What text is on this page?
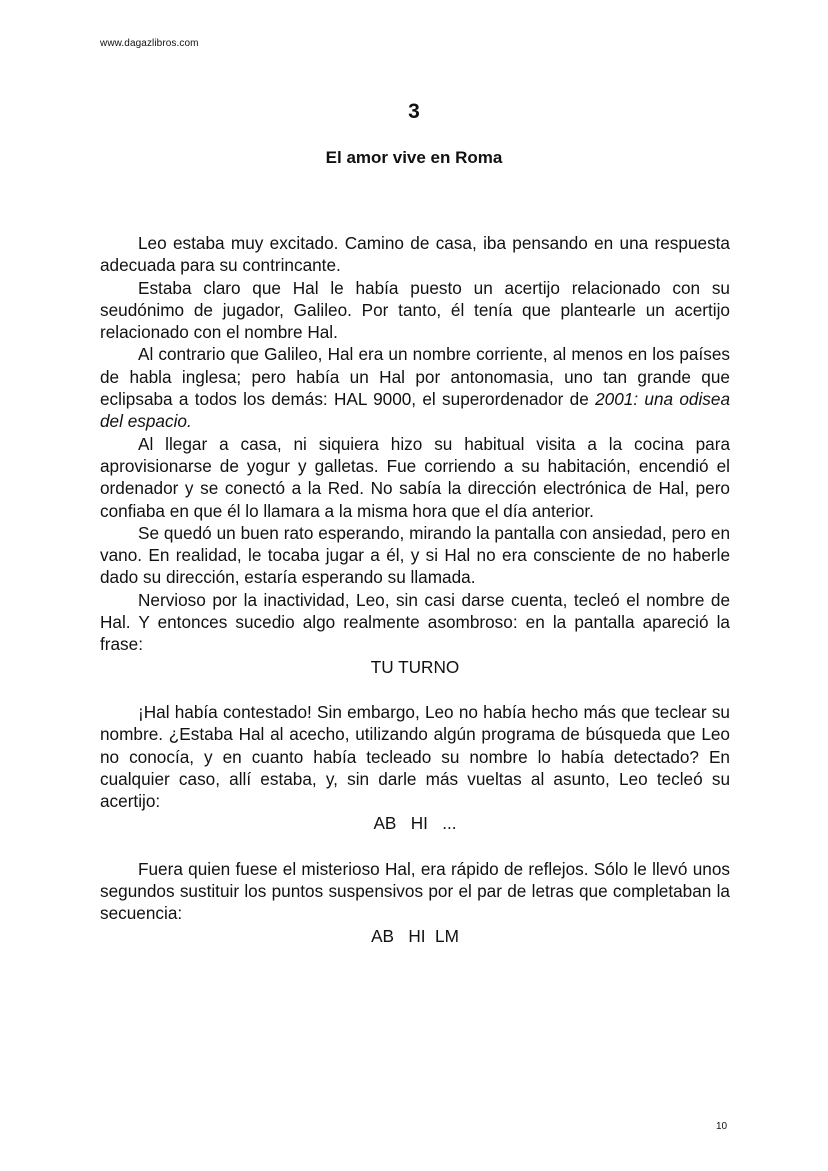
www.dagazlibros.com
3
El amor vive en Roma

Leo estaba muy excitado. Camino de casa, iba pensando en una respuesta adecuada para su contrincante.

Estaba claro que Hal le había puesto un acertijo relacionado con su seudónimo de jugador, Galileo. Por tanto, él tenía que plantearle un acertijo relacionado con el nombre Hal.

Al contrario que Galileo, Hal era un nombre corriente, al menos en los países de habla inglesa; pero había un Hal por antonomasia, uno tan grande que eclipsaba a todos los demás: HAL 9000, el superordenador de 2001: una odisea del espacio.

Al llegar a casa, ni siquiera hizo su habitual visita a la cocina para aprovisionarse de yogur y galletas. Fue corriendo a su habitación, encendió el ordenador y se conectó a la Red. No sabía la dirección electrónica de Hal, pero confiaba en que él lo llamara a la misma hora que el día anterior.

Se quedó un buen rato esperando, mirando la pantalla con ansiedad, pero en vano. En realidad, le tocaba jugar a él, y si Hal no era consciente de no haberle dado su dirección, estaría esperando su llamada.

Nervioso por la inactividad, Leo, sin casi darse cuenta, tecleó el nombre de Hal. Y entonces sucedio algo realmente asombroso: en la pantalla apareció la frase:

TU TURNO

¡Hal había contestado! Sin embargo, Leo no había hecho más que teclear su nombre. ¿Estaba Hal al acecho, utilizando algún programa de búsqueda que Leo no conocía, y en cuanto había tecleado su nombre lo había detectado? En cualquier caso, allí estaba, y, sin darle más vueltas al asunto, Leo tecleó su acertijo:

AB   HI   ...

Fuera quien fuese el misterioso Hal, era rápido de reflejos. Sólo le llevó unos segundos sustituir los puntos suspensivos por el par de letras que completaban la secuencia:

AB   HI  LM
10
